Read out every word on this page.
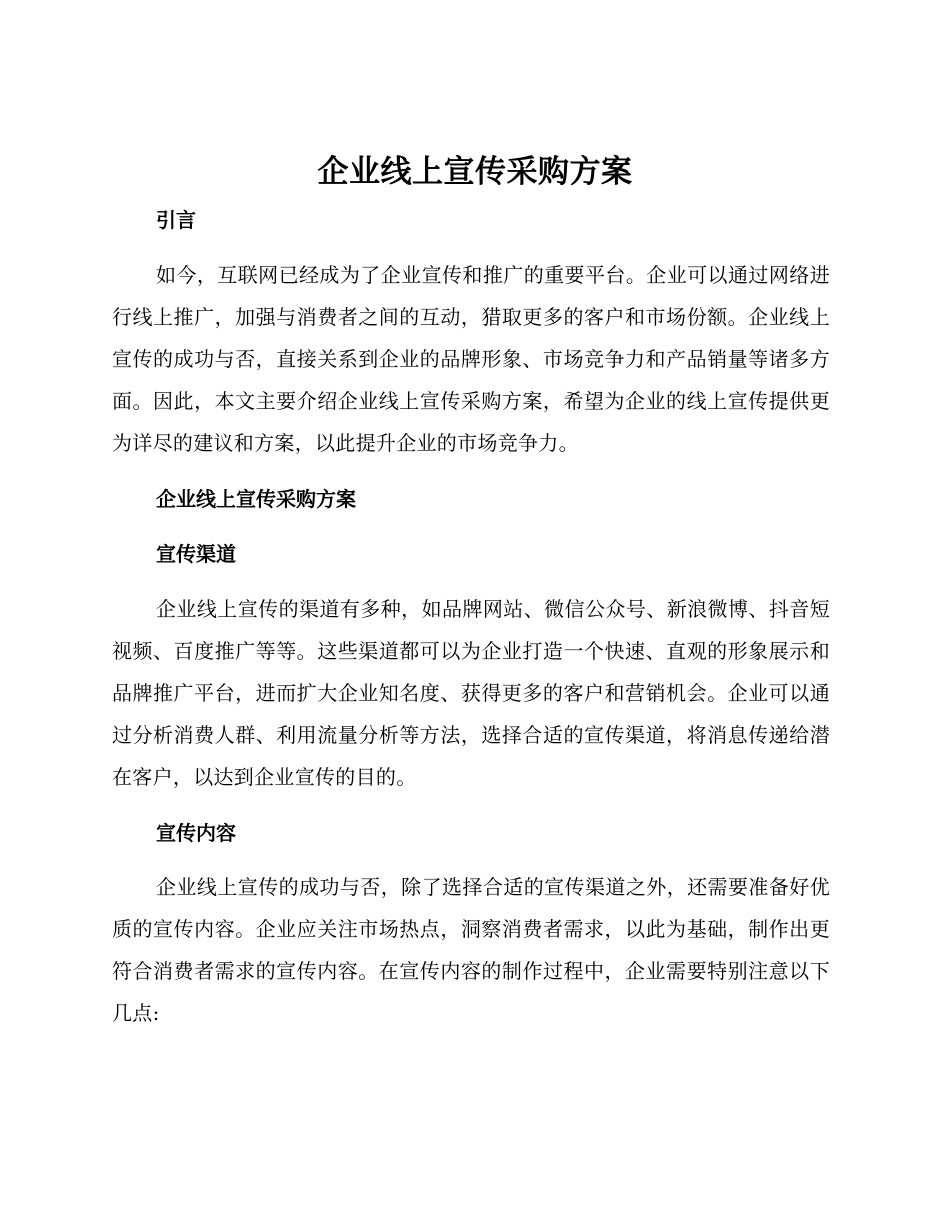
企业线上宣传采购方案
引言
如今，互联网已经成为了企业宣传和推广的重要平台。企业可以通过网络进行线上推广，加强与消费者之间的互动，猎取更多的客户和市场份额。企业线上宣传的成功与否，直接关系到企业的品牌形象、市场竞争力和产品销量等诸多方面。因此，本文主要介绍企业线上宣传采购方案，希望为企业的线上宣传提供更为详尽的建议和方案，以此提升企业的市场竞争力。
企业线上宣传采购方案
宣传渠道
企业线上宣传的渠道有多种，如品牌网站、微信公众号、新浪微博、抖音短视频、百度推广等等。这些渠道都可以为企业打造一个快速、直观的形象展示和品牌推广平台，进而扩大企业知名度、获得更多的客户和营销机会。企业可以通过分析消费人群、利用流量分析等方法，选择合适的宣传渠道，将消息传递给潜在客户，以达到企业宣传的目的。
宣传内容
企业线上宣传的成功与否，除了选择合适的宣传渠道之外，还需要准备好优质的宣传内容。企业应关注市场热点，洞察消费者需求，以此为基础，制作出更符合消费者需求的宣传内容。在宣传内容的制作过程中，企业需要特别注意以下几点:
